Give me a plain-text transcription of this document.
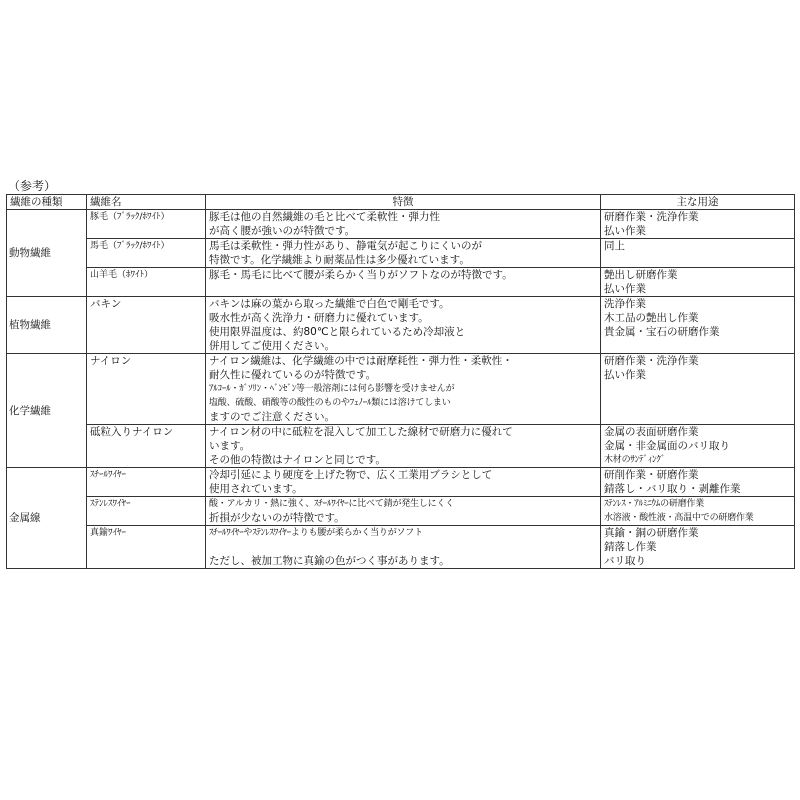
（参考）
繊維の種類	繊維名	特徴	主な用途
動物繊維	豚毛（ﾌﾞﾗｯｸ/ﾎﾜｲﾄ）	豚毛は他の自然繊維の毛と比べて柔軟性・弾力性
が高く腰が強いのが特徴です。	研磨作業・洗浄作業
払い作業

	馬毛（ﾌﾞﾗｯｸ/ﾎﾜｲﾄ）	馬毛は柔軟性・弾力性があり、静電気が起こりにくいのが
特徴です。化学繊維より耐薬品性は多少優れています。	同上

	山羊毛（ﾎﾜｲﾄ）	豚毛・馬毛に比べて腰が柔らかく当りがソフトなのが特徴です。	艶出し研磨作業
払い作業

植物繊維	バキン	バキンは麻の葉から取った繊維で白色で剛毛です。
吸水性が高く洗浄力・研磨力に優れています。
使用限界温度は、約80℃と限られているため冷却液と
併用してご使用ください。	洗浄作業
木工品の艶出し作業
貴金属・宝石の研磨作業

化学繊維	ナイロン	ナイロン繊維は、化学繊維の中では耐摩耗性・弾力性・柔軟性・
耐久性に優れているのが特徴です。
ｱﾙｺｰﾙ・ｶﾞｿﾘﾝ・ﾍﾞﾝｾﾞﾝ等一般溶剤には何ら影響を受けませんが
塩酸、硫酸、硝酸等の酸性のものやﾌｪﾉｰﾙ類には溶けてしまい
ますのでご注意ください。	研磨作業・洗浄作業
払い作業

	砥粒入りナイロン	ナイロン材の中に砥粒を混入して加工した線材で研磨力に優れて
います。
その他の特徴はナイロンと同じです。	金属の表面研磨作業
金属・非金属面のバリ取り
木材のｻﾝﾃﾞｨﾝｸﾞ

金属線	ｽﾁｰﾙﾜｲﾔｰ	冷却引延により硬度を上げた物で、広く工業用ブラシとして
使用されています。	研削作業・研磨作業
錆落し・バリ取り・剥離作業

	ｽﾃﾝﾚｽﾜｲﾔｰ	酸・アルカリ・熱に強く、ｽﾁｰﾙﾜｲﾔｰに比べて錆が発生しにくく
折損が少ないのが特徴です。	ｽﾃﾝﾚｽ・ｱﾙﾐﾆｳﾑの研磨作業
水溶液・酸性液・高温中での研磨作業

	真鍮ﾜｲﾔｰ	ｽﾁｰﾙﾜｲﾔｰやｽﾃﾝﾚｽﾜｲﾔｰよりも腰が柔らかく当りがソフト
ただし、被加工物に真鍮の色がつく事があります。	真鍮・銅の研磨作業
錆落し作業
バリ取り
